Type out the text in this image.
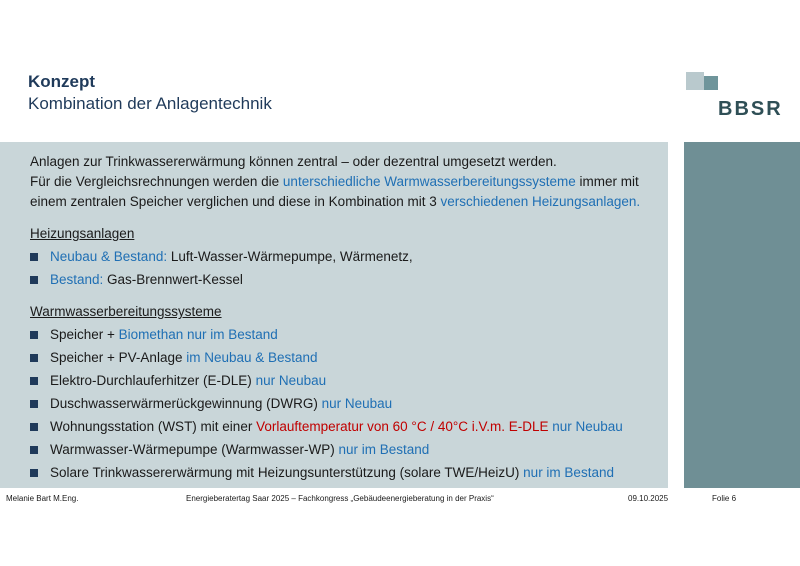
Konzept
Kombination der Anlagentechnik	BBSR
Anlagen zur Trinkwassererwärmung können zentral – oder dezentral umgesetzt werden.
Für die Vergleichsrechnungen werden die unterschiedliche Warmwasserbereitungssysteme immer mit
einem zentralen Speicher verglichen und diese in Kombination mit 3 verschiedenen Heizungsanlagen.
Heizungsanlagen
Neubau & Bestand: Luft-Wasser-Wärmepumpe, Wärmenetz,
Bestand: Gas-Brennwert-Kessel
Warmwasserbereitungssysteme
Speicher + Biomethan nur im Bestand
Speicher + PV-Anlage im Neubau & Bestand
Elektro-Durchlauferhitzer (E-DLE) nur Neubau
Duschwasserwärmerückgewinnung (DWRG) nur Neubau
Wohnungsstation (WST) mit einer Vorlauftemperatur von 60 °C / 40°C i.V.m. E-DLE nur Neubau
Warmwasser-Wärmepumpe (Warmwasser-WP) nur im Bestand
Solare Trinkwassererwärmung mit Heizungsunterstützung (solare TWE/HeizU) nur im Bestand
Melanie Bart M.Eng.	Energieberatertag Saar 2025 – Fachkongress „Gebäudeenergieberatung in der Praxis“	09.10.2025	Folie 6
